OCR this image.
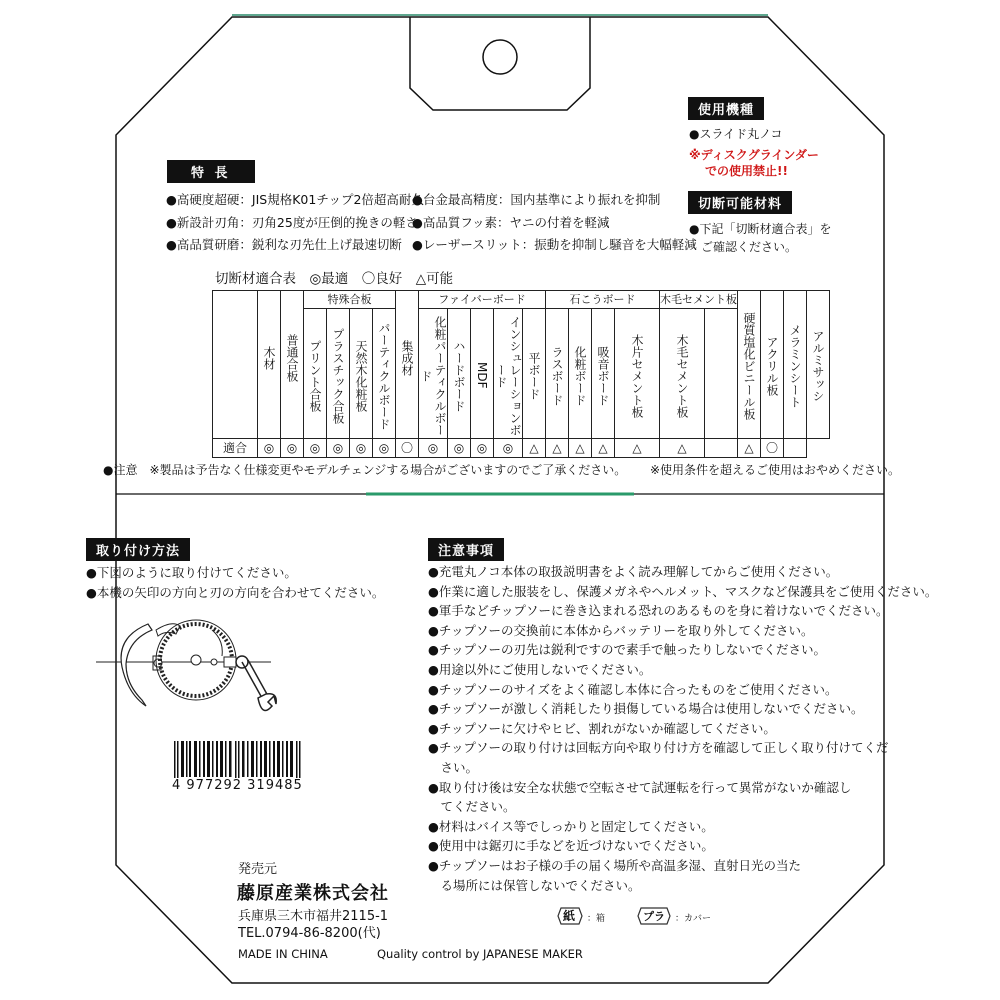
特 長
●高硬度超硬：JIS規格K01チップ2倍超高耐久
●新設計刃角：刃角25度が圧倒的挽きの軽さ
●高品質研磨：鋭利な刃先仕上げ最速切断
●台金最高精度：国内基準により振れを抑制
●高品質フッ素：ヤニの付着を軽減
●レーザースリット：振動を抑制し騒音を大幅軽減
使用機種
●スライド丸ノコ
※ディスクグラインダー
での使用禁止!!
切断可能材料
●下記「切断材適合表」を
ご確認ください。
切断材適合表　◎最適　〇良好　△可能

	木材	普通合板	特殊合板				集成材	ファイバーボード					石こうボード				木毛セメント板		硬質塩化ビニール板	アクリル板	メラミンシート	アルミサッシ

			プリント合板	プラスチック合板	天然木化粧板	パーティクルボード		化粧パーティクルボード	ハードボード	MDF	インシュレーションボード	平ボード	ラスボード	化粧ボード	吸音ボード	木片セメント板	木毛セメント板					

適合	◎	◎	◎	◎	◎	◎	〇	◎	◎	◎	◎	△	△	△	△	△	△		△	〇		
●注意　※製品は予告なく仕様変更やモデルチェンジする場合がございますのでご了承ください。 ※使用条件を超えるご使用はおやめください。
取り付け方法
●下図のように取り付けてください。
●本機の矢印の方向と刃の方向を合わせてください。
4 977292 319485
注意事項
●充電丸ノコ本体の取扱説明書をよく読み理解してからご使用ください。
●作業に適した服装をし、保護メガネやヘルメット、マスクなど保護具をご使用ください。
●軍手などチップソーに巻き込まれる恐れのあるものを身に着けないでください。
●チップソーの交換前に本体からバッテリーを取り外してください。
●チップソーの刃先は鋭利ですので素手で触ったりしないでください。
●用途以外にご使用しないでください。
●チップソーのサイズをよく確認し本体に合ったものをご使用ください。
●チップソーが激しく消耗したり損傷している場合は使用しないでください。
●チップソーに欠けやヒビ、割れがないか確認してください。
●チップソーの取り付けは回転方向や取り付け方を確認して正しく取り付けてくだ
　さい。
●取り付け後は安全な状態で空転させて試運転を行って異常がないか確認し
　てください。
●材料はバイス等でしっかりと固定してください。
●使用中は鋸刃に手などを近づけないでください。
●チップソーはお子様の手の届く場所や高温多湿、直射日光の当た
　る場所には保管しないでください。
発売元
藤原産業株式会社
兵庫県三木市福井2115-1
TEL.0794-86-8200(代)
紙 ：箱	プラ ：カバー
MADE IN CHINA	Quality control by JAPANESE MAKER
